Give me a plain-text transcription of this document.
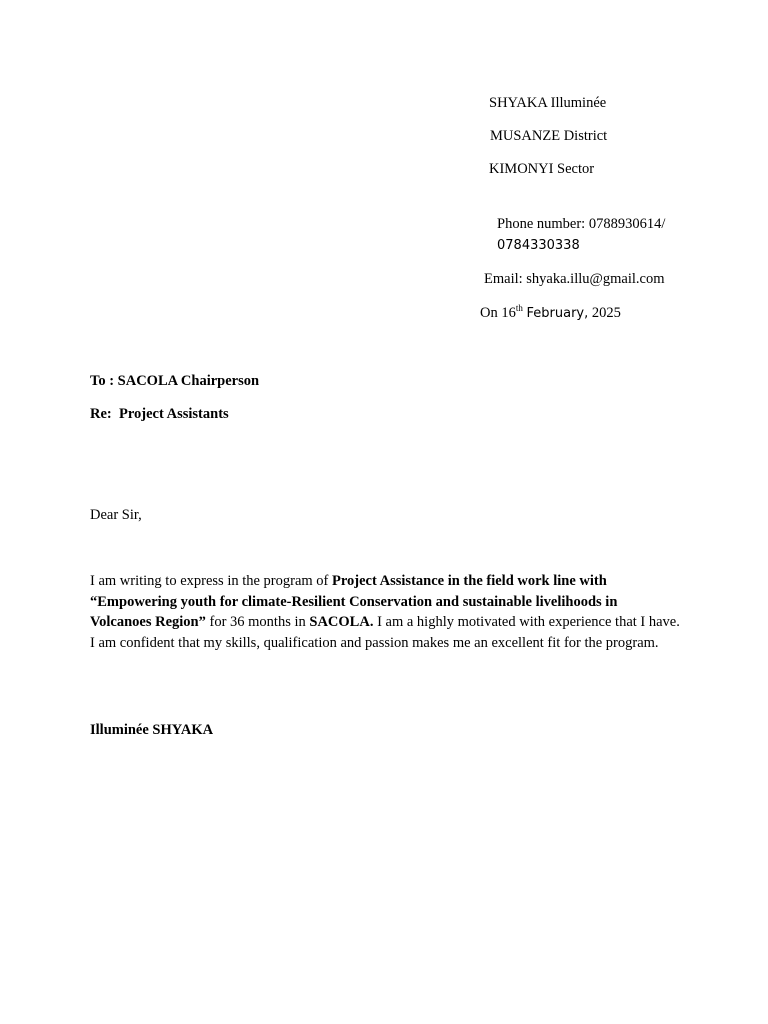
SHYAKA Illuminée
MUSANZE District
KIMONYI Sector
Phone number: 0788930614/
0784330338
Email: shyaka.illu@gmail.com
On 16th February, 2025
To : SACOLA Chairperson
Re:  Project Assistants
Dear Sir,
I am writing to express in the program of Project Assistance in the field work line with “Empowering youth for climate-Resilient Conservation and sustainable livelihoods in Volcanoes Region” for 36 months in SACOLA. I am a highly motivated with experience that I have. I am confident that my skills, qualification and passion makes me an excellent fit for the program.
Illuminée SHYAKA
